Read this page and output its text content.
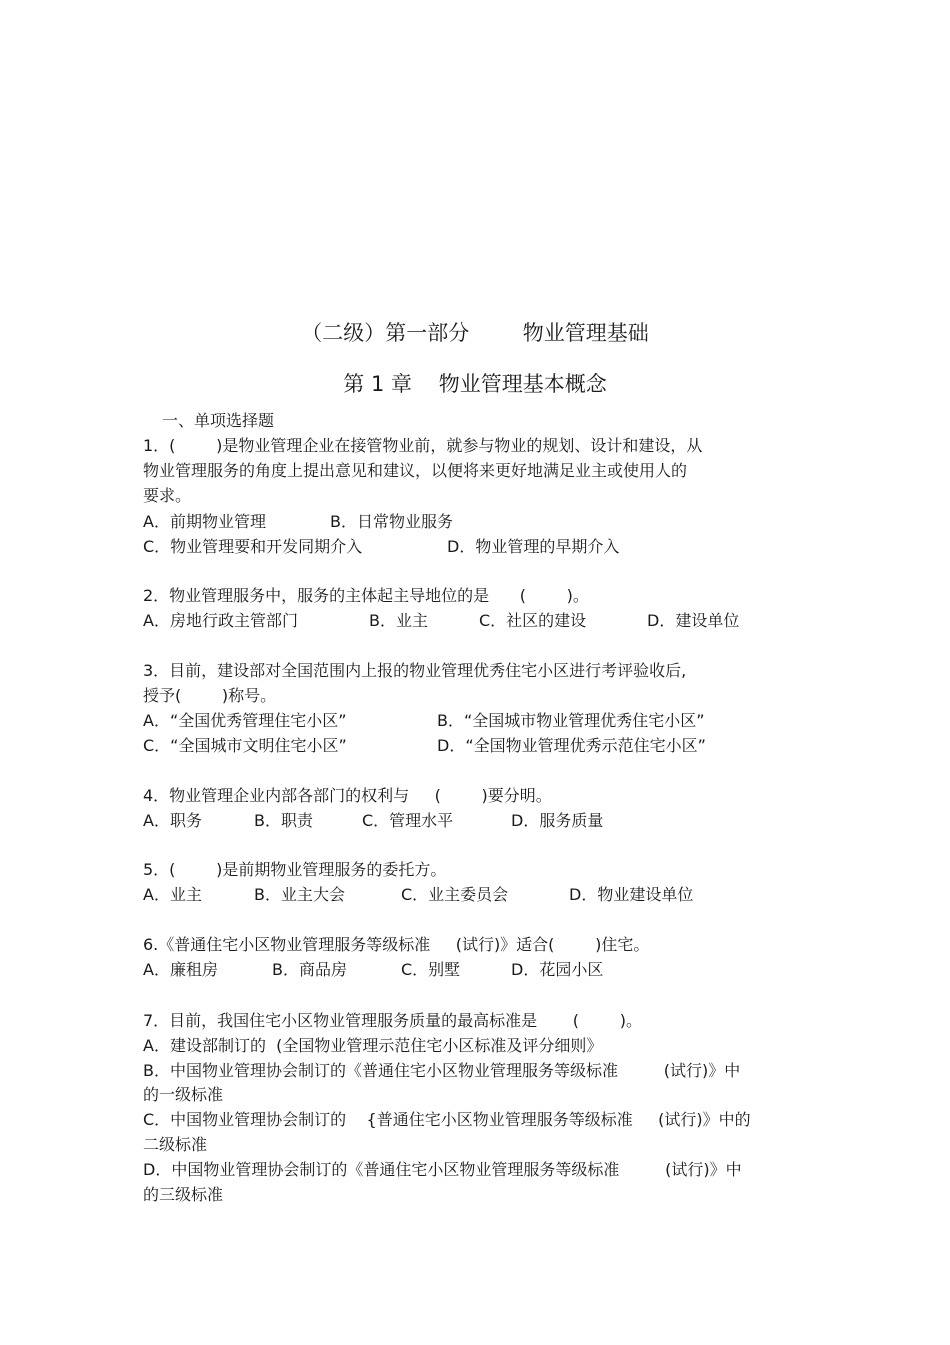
（二级）第一部分        物业管理基础
第 1 章    物业管理基本概念
一、单项选择题
1．(        )是物业管理企业在接管物业前，就参与物业的规划、设计和建设，从
物业管理服务的角度上提出意见和建议，以便将来更好地满足业主或使用人的
要求。
A．前期物业管理	B．日常物业服务
C．物业管理要和开发同期介入	D．物业管理的早期介入
2．物业管理服务中，服务的主体起主导地位的是      (        )。
A．房地行政主管部门	B．业主	C．社区的建设	D．建设单位
3．目前，建设部对全国范围内上报的物业管理优秀住宅小区进行考评验收后,
授予(        )称号。
A．“全国优秀管理住宅小区”	B．“全国城市物业管理优秀住宅小区”
C．“全国城市文明住宅小区”	D．“全国物业管理优秀示范住宅小区”
4．物业管理企业内部各部门的权利与     (        )要分明。
A．职务	B．职责	C．管理水平	D．服务质量
5．(        )是前期物业管理服务的委托方。
A．业主	B．业主大会	C．业主委员会	D．物业建设单位
6.《普通住宅小区物业管理服务等级标准     (试行)》适合(        )住宅。
A．廉租房	B．商品房	C．别墅	D．花园小区
7．目前，我国住宅小区物业管理服务质量的最高标准是       (        )。
A．建设部制订的  (全国物业管理示范住宅小区标准及评分细则》
B．中国物业管理协会制订的《普通住宅小区物业管理服务等级标准         (试行)》中
的一级标准
C．中国物业管理协会制订的    {普通住宅小区物业管理服务等级标准     (试行)》中的
二级标准
D．中国物业管理协会制订的《普通住宅小区物业管理服务等级标准         (试行)》中
的三级标准
